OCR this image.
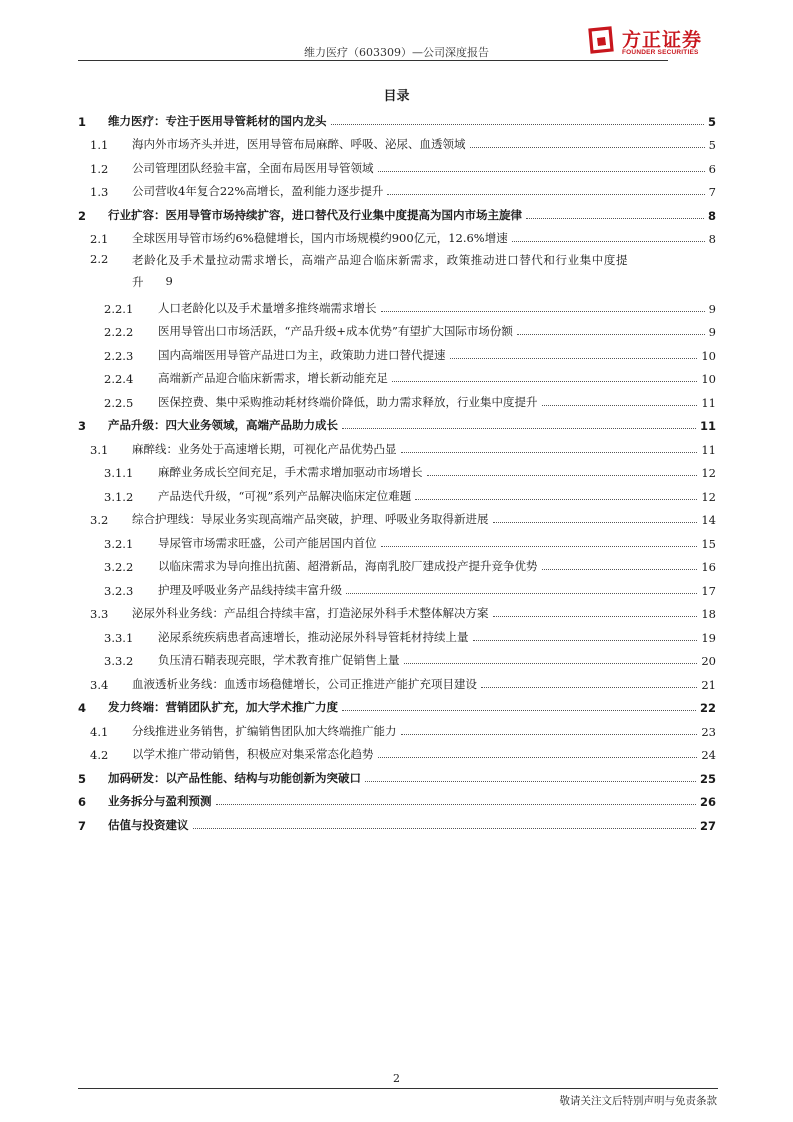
维力医疗（603309）—公司深度报告
方正证券
FOUNDER SECURITIES
目录
1	维力医疗：专注于医用导管耗材的国内龙头	5
1.1	海内外市场齐头并进，医用导管布局麻醉、呼吸、泌尿、血透领域	5
1.2	公司管理团队经验丰富，全面布局医用导管领域	6
1.3	公司营收4年复合22%高增长，盈利能力逐步提升	7
2	行业扩容：医用导管市场持续扩容，进口替代及行业集中度提高为国内市场主旋律	8
2.1	全球医用导管市场约6%稳健增长，国内市场规模约900亿元，12.6%增速	8
2.2	老龄化及手术量拉动需求增长，高端产品迎合临床新需求，政策推动进口替代和行业集中度提
升 9
2.2.1	人口老龄化以及手术量增多推终端需求增长	9
2.2.2	医用导管出口市场活跃，“产品升级+成本优势”有望扩大国际市场份额	9
2.2.3	国内高端医用导管产品进口为主，政策助力进口替代提速	10
2.2.4	高端新产品迎合临床新需求，增长新动能充足	10
2.2.5	医保控费、集中采购推动耗材终端价降低，助力需求释放，行业集中度提升	11
3	产品升级：四大业务领域，高端产品助力成长	11
3.1	麻醉线：业务处于高速增长期，可视化产品优势凸显	11
3.1.1	麻醉业务成长空间充足，手术需求增加驱动市场增长	12
3.1.2	产品迭代升级，“可视”系列产品解决临床定位难题	12
3.2	综合护理线：导尿业务实现高端产品突破，护理、呼吸业务取得新进展	14
3.2.1	导尿管市场需求旺盛，公司产能居国内首位	15
3.2.2	以临床需求为导向推出抗菌、超滑新品，海南乳胶厂建成投产提升竞争优势	16
3.2.3	护理及呼吸业务产品线持续丰富升级	17
3.3	泌尿外科业务线：产品组合持续丰富，打造泌尿外科手术整体解决方案	18
3.3.1	泌尿系统疾病患者高速增长，推动泌尿外科导管耗材持续上量	19
3.3.2	负压清石鞘表现亮眼，学术教育推广促销售上量	20
3.4	血液透析业务线：血透市场稳健增长，公司正推进产能扩充项目建设	21
4	发力终端：营销团队扩充，加大学术推广力度	22
4.1	分线推进业务销售，扩编销售团队加大终端推广能力	23
4.2	以学术推广带动销售，积极应对集采常态化趋势	24
5	加码研发：以产品性能、结构与功能创新为突破口	25
6	业务拆分与盈利预测	26
7	估值与投资建议	27
2
敬请关注文后特别声明与免责条款
